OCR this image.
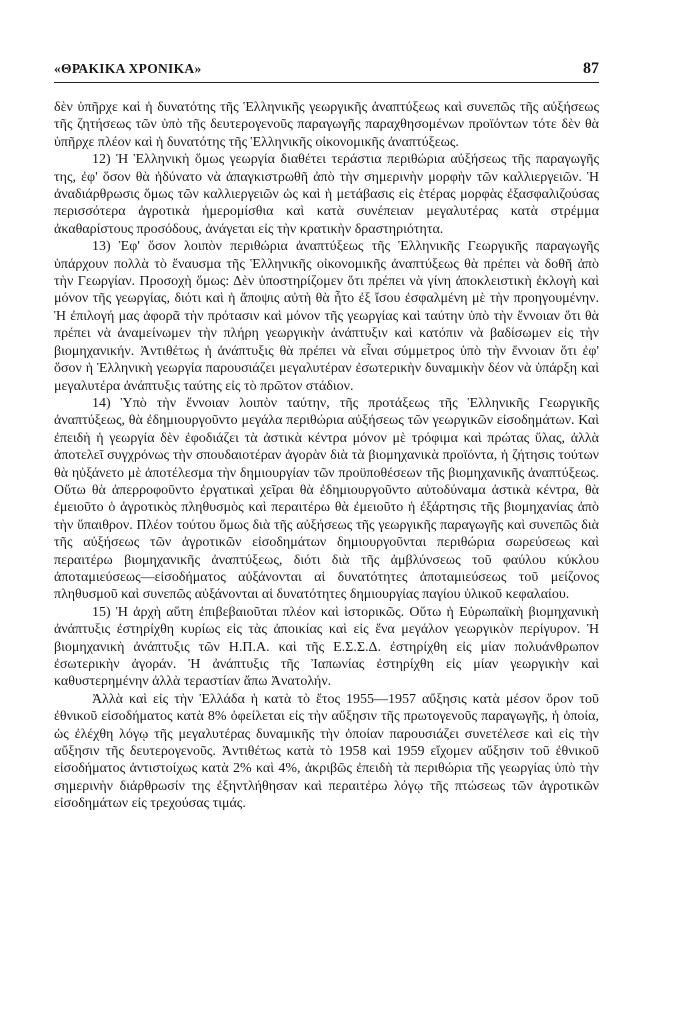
«ΘΡΑΚΙΚΑ ΧΡΟΝΙΚΑ»	87

δὲν ὑπῆρχε καὶ ἡ δυνατότης τῆς Ἑλληνικῆς γεωργικῆς ἀναπτύξεως καὶ συνεπῶς τῆς αὐξήσεως τῆς ζητήσεως τῶν ὑπὸ τῆς δευτερογενοῦς παραγωγῆς παραχθησομένων προϊόντων τότε δὲν θὰ ὑπῆρχε πλέον καὶ ἡ δυνατότης τῆς Ἑλληνικῆς οἰκονομικῆς ἀναπτύξεως.

12) Ἡ Ἑλληνικὴ ὅμως γεωργία διαθέτει τεράστια περιθώρια αὐξήσεως τῆς παραγωγῆς της, ἐφ' ὅσον θὰ ἠδύνατο νὰ ἀπαγκιστρωθῆ ἀπὸ τὴν σημερινὴν μορφὴν τῶν καλλιεργειῶν. Ἡ ἀναδιάρθρωσις ὅμως τῶν καλλιεργειῶν ὡς καὶ ἡ μετάβασις εἰς ἑτέρας μορφὰς ἐξασφαλιζούσας περισσότερα ἀγροτικὰ ἡμερομίσθια καὶ κατὰ συνέπειαν μεγαλυτέρας κατὰ στρέμμα ἀκαθαρίστους προσόδους, ἀνάγεται εἰς τὴν κρατικὴν δραστηριότητα.

13) Ἐφ' ὅσον λοιπὸν περιθώρια ἀναπτύξεως τῆς Ἑλληνικῆς Γεωργικῆς παραγωγῆς ὑπάρχουν πολλὰ τὸ ἔναυσμα τῆς Ἑλληνικῆς οἰκονομικῆς ἀναπτύξεως θὰ πρέπει νὰ δοθῆ ἀπὸ τὴν Γεωργίαν. Προσοχὴ ὅμως: Δὲν ὑποστηρίζομεν ὅτι πρέπει νὰ γίνη ἀποκλειστικὴ ἐκλογὴ καὶ μόνον τῆς γεωργίας, διότι καὶ ἡ ἄποψις αὐτὴ θὰ ἦτο ἐξ ἴσου ἐσφαλμένη μὲ τὴν προηγουμένην. Ἡ ἐπιλογή μας ἀφορᾶ τὴν πρότασιν καὶ μόνον τῆς γεωργίας καὶ ταύτην ὑπὸ τὴν ἔννοιαν ὅτι θὰ πρέπει νὰ ἀναμείνωμεν τὴν πλήρη γεωργικὴν ἀνάπτυξιν καὶ κατόπιν νὰ βαδίσωμεν εἰς τὴν βιομηχανικήν. Ἀντιθέτως ἡ ἀνάπτυξις θὰ πρέπει νὰ εἶναι σύμμετρος ὑπὸ τὴν ἔννοιαν ὅτι ἐφ' ὅσον ἡ Ἑλληνικὴ γεωργία παρουσιάζει μεγαλυτέραν ἐσωτερικὴν δυναμικὴν δέον νὰ ὑπάρξη καὶ μεγαλυτέρα ἀνάπτυξις ταύτης εἰς τὸ πρῶτον στάδιον.

14) Ὑπὸ τὴν ἔννοιαν λοιπὸν ταύτην, τῆς προτάξεως τῆς Ἑλληνικῆς Γεωργικῆς ἀναπτύξεως, θὰ ἐδημιουργοῦντο μεγάλα περιθώρια αὐξήσεως τῶν γεωργικῶν εἰσοδημάτων. Καὶ ἐπειδὴ ἡ γεωργία δὲν ἐφοδιάζει τὰ ἀστικὰ κέντρα μόνον μὲ τρόφιμα καὶ πρώτας ὕλας, ἀλλὰ ἀποτελεῖ συγχρόνως τὴν σπουδαιοτέραν ἀγορὰν διὰ τὰ βιομηχανικὰ προϊόντα, ἡ ζήτησις τούτων θὰ ηὐξάνετο μὲ ἀποτέλεσμα τὴν δημιουργίαν τῶν προϋποθέσεων τῆς βιομηχανικῆς ἀναπτύξεως. Οὕτω θὰ ἀπερροφοῦντο ἐργατικαὶ χεῖραι θὰ ἐδημιουργοῦντο αὐτοδύναμα ἀστικὰ κέντρα, θὰ ἐμειοῦτο ὁ ἀγροτικὸς πληθυσμὸς καὶ περαιτέρω θὰ ἐμειοῦτο ἡ ἐξάρτησις τῆς βιομηχανίας ἀπὸ τὴν ὕπαιθρον. Πλέον τούτου ὅμως διὰ τῆς αὐξήσεως τῆς γεωργικῆς παραγωγῆς καὶ συνεπῶς διὰ τῆς αὐξήσεως τῶν ἀγροτικῶν εἰσοδημάτων δημιουργοῦνται περιθώρια σωρεύσεως καὶ περαιτέρω βιομηχανικῆς ἀναπτύξεως, διότι διὰ τῆς ἀμβλύνσεως τοῦ φαύλου κύκλου ἀποταμιεύσεως—εἰσοδήματος αὐξάνονται αἱ δυνατότητες ἀποταμιεύσεως τοῦ μείζονος πληθυσμοῦ καὶ συνεπῶς αὐξάνονται αἱ δυνατότητες δημιουργίας παγίου ὑλικοῦ κεφαλαίου.

15) Ἡ ἀρχὴ αὕτη ἐπιβεβαιοῦται πλέον καὶ ἱστορικῶς. Οὕτω ἡ Εὐρωπαϊκὴ βιομηχανικὴ ἀνάπτυξις ἐστηρίχθη κυρίως εἰς τὰς ἀποικίας καὶ εἰς ἕνα μεγάλον γεωργικὸν περίγυρον. Ἡ βιομηχανικὴ ἀνάπτυξις τῶν Η.Π.Α. καὶ τῆς Ε.Σ.Σ.Δ. ἐστηρίχθη εἰς μίαν πολυάνθρωπον ἐσωτερικὴν ἀγοράν. Ἡ ἀνάπτυξις τῆς Ἰαπωνίας ἐστηρίχθη εἰς μίαν γεωργικὴν καὶ καθυστερημένην ἀλλὰ τεραστίαν ἄπω Ἀνατολήν.

Ἀλλὰ καὶ εἰς τὴν Ἑλλάδα ἡ κατὰ τὸ ἔτος 1955—1957 αὔξησις κατὰ μέσον ὅρον τοῦ ἐθνικοῦ εἰσοδήματος κατὰ 8% ὀφείλεται εἰς τὴν αὔξησιν τῆς πρωτογενοῦς παραγωγῆς, ἡ ὁποία, ὡς ἐλέχθη λόγῳ τῆς μεγαλυτέρας δυναμικῆς τὴν ὁποίαν παρουσιάζει συνετέλεσε καὶ εἰς τὴν αὔξησιν τῆς δευτερογενοῦς. Ἀντιθέτως κατὰ τὸ 1958 καὶ 1959 εἴχομεν αὔξησιν τοῦ ἐθνικοῦ εἰσοδήματος ἀντιστοίχως κατὰ 2% καὶ 4%, ἀκριβῶς ἐπειδὴ τὰ περιθώρια τῆς γεωργίας ὑπὸ τὴν σημερινὴν διάρθρωσίν της ἐξηντλήθησαν καὶ περαιτέρω λόγῳ τῆς πτώσεως τῶν ἀγροτικῶν εἰσοδημάτων εἰς τρεχούσας τιμάς.
